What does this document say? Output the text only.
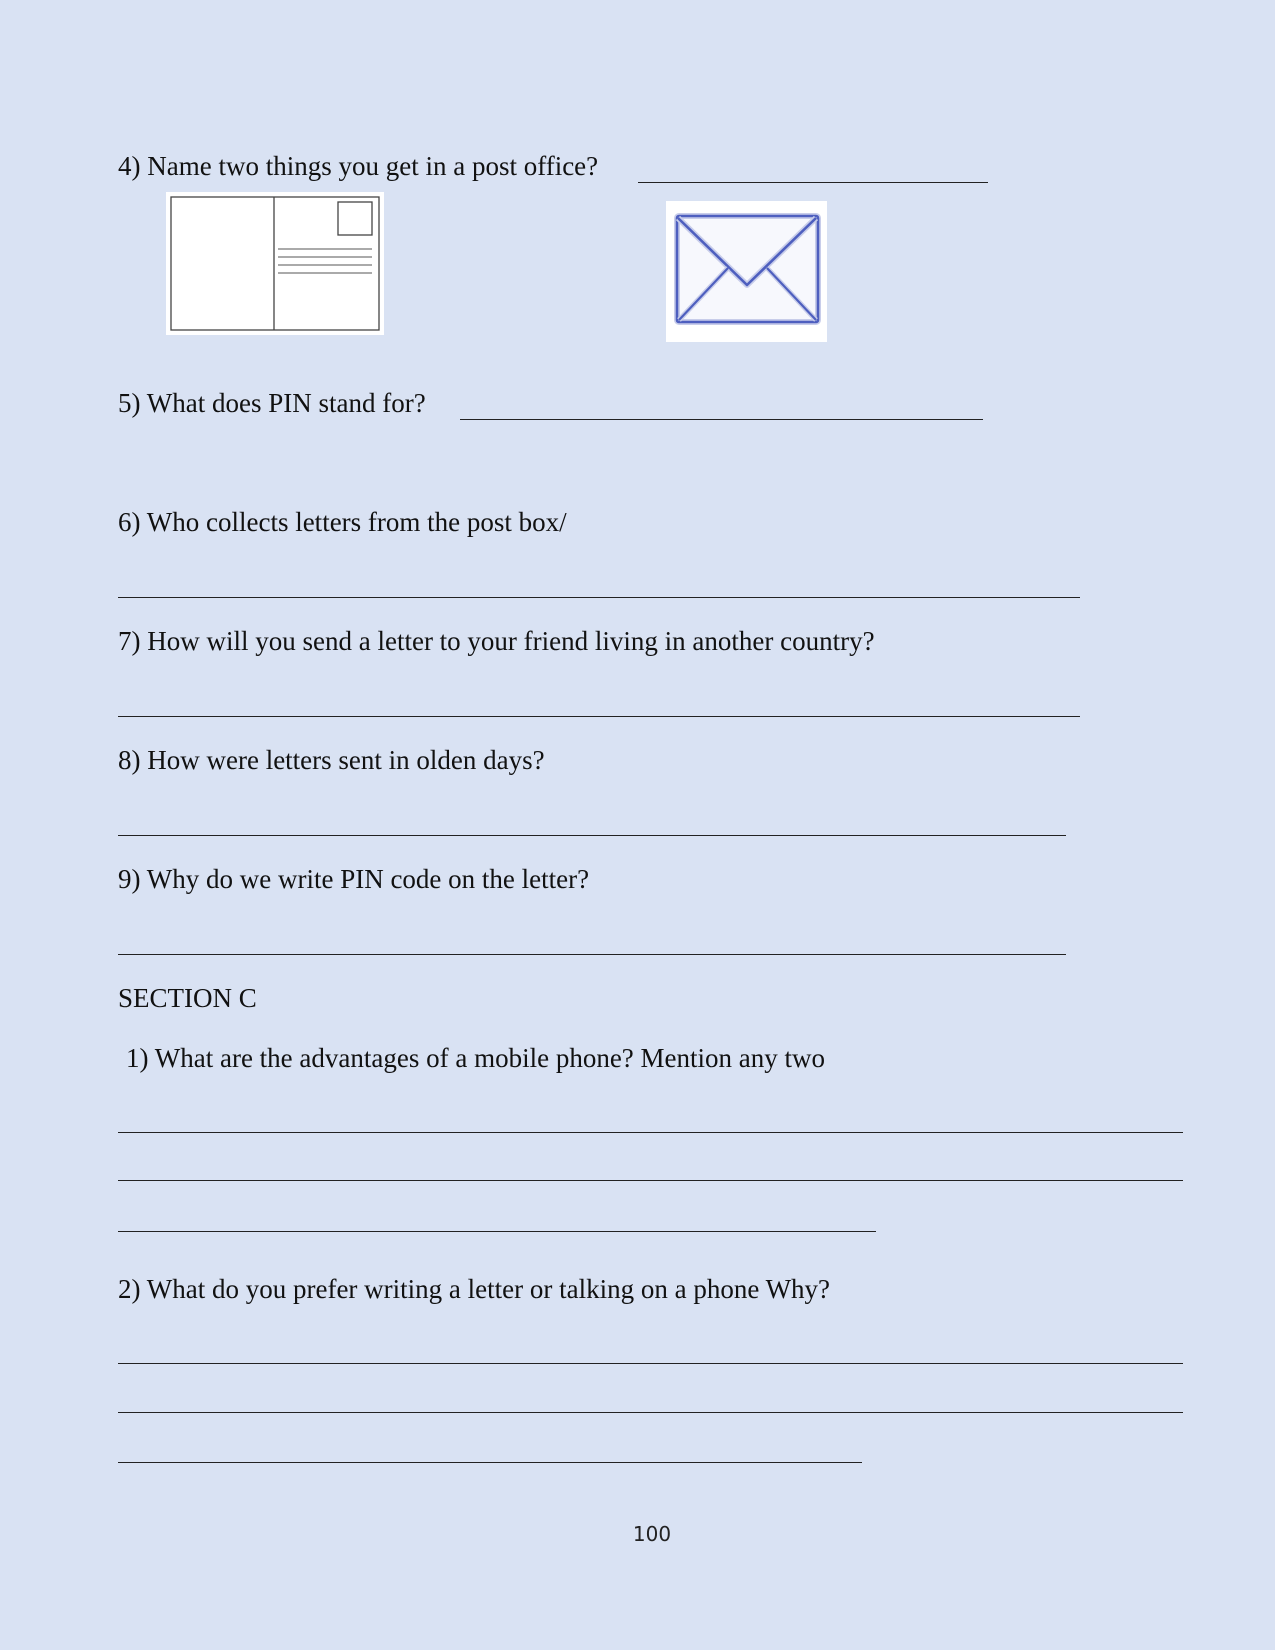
4) Name two things you get in a post office?
5) What does PIN stand for?
6) Who collects letters from the post box/
7) How will you send a letter to your friend living in another country?
8) How were letters sent in olden days?
9) Why do we write PIN code on the letter?
SECTION C
1) What are the advantages of a mobile phone? Mention any two
2) What do you prefer writing a letter or talking on a phone Why?
100
